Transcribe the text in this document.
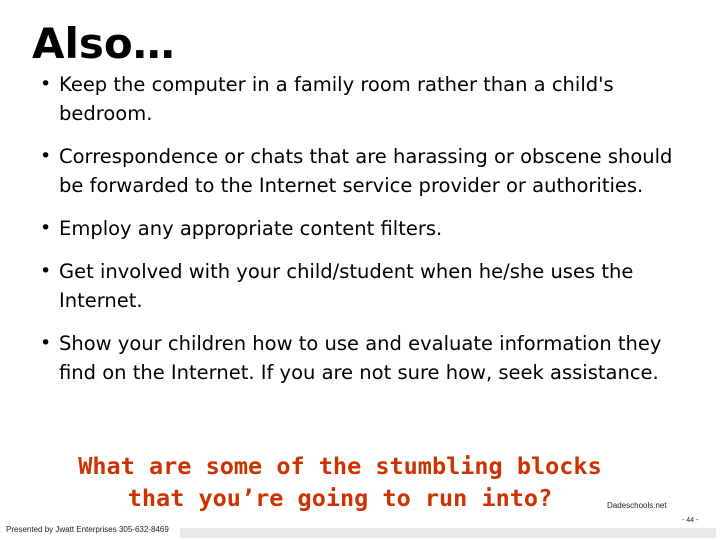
Also…
• Keep the computer in a family room rather than a child's bedroom.
• Correspondence or chats that are harassing or obscene should be forwarded to the Internet service provider or authorities.
• Employ any appropriate content filters.
• Get involved with your child/student when he/she uses the Internet.
• Show your children how to use and evaluate information they find on the Internet. If you are not sure how, seek assistance.
What are some of the stumbling blocks
that you’re going to run into?	Dadeschools.net
- 44 -
Presented by Jwatt Enterprises 305-632-8469
